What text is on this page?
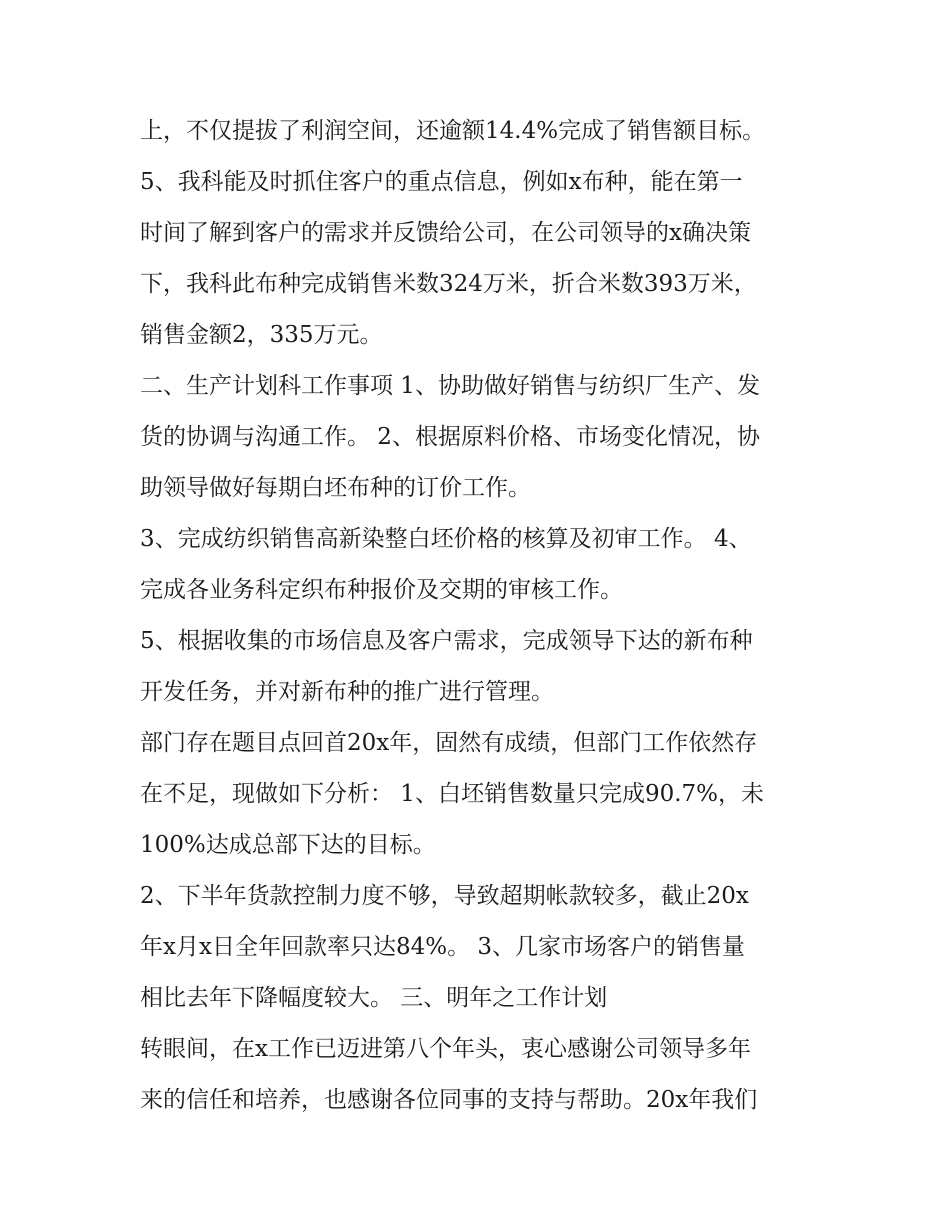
上，不仅提拔了利润空间，还逾额14.4%完成了销售额目标。

5、我科能及时抓住客户的重点信息，例如x布种，能在第一

时间了解到客户的需求并反馈给公司，在公司领导的x确决策

下，我科此布种完成销售米数324万米，折合米数393万米，

销售金额2，335万元。

二、生产计划科工作事项 1、协助做好销售与纺织厂生产、发

货的协调与沟通工作。 2、根据原料价格、市场变化情况，协

助领导做好每期白坯布种的订价工作。

3、完成纺织销售高新染整白坯价格的核算及初审工作。 4、

完成各业务科定织布种报价及交期的审核工作。

5、根据收集的市场信息及客户需求，完成领导下达的新布种

开发任务，并对新布种的推广进行管理。

部门存在题目点回首20x年，固然有成绩，但部门工作依然存

在不足，现做如下分析： 1、白坯销售数量只完成90.7%，未

100%达成总部下达的目标。

2、下半年货款控制力度不够，导致超期帐款较多，截止20x

年x月x日全年回款率只达84%。 3、几家市场客户的销售量

相比去年下降幅度较大。 三、明年之工作计划

转眼间，在x工作已迈进第八个年头，衷心感谢公司领导多年

来的信任和培养，也感谢各位同事的支持与帮助。20x年我们
